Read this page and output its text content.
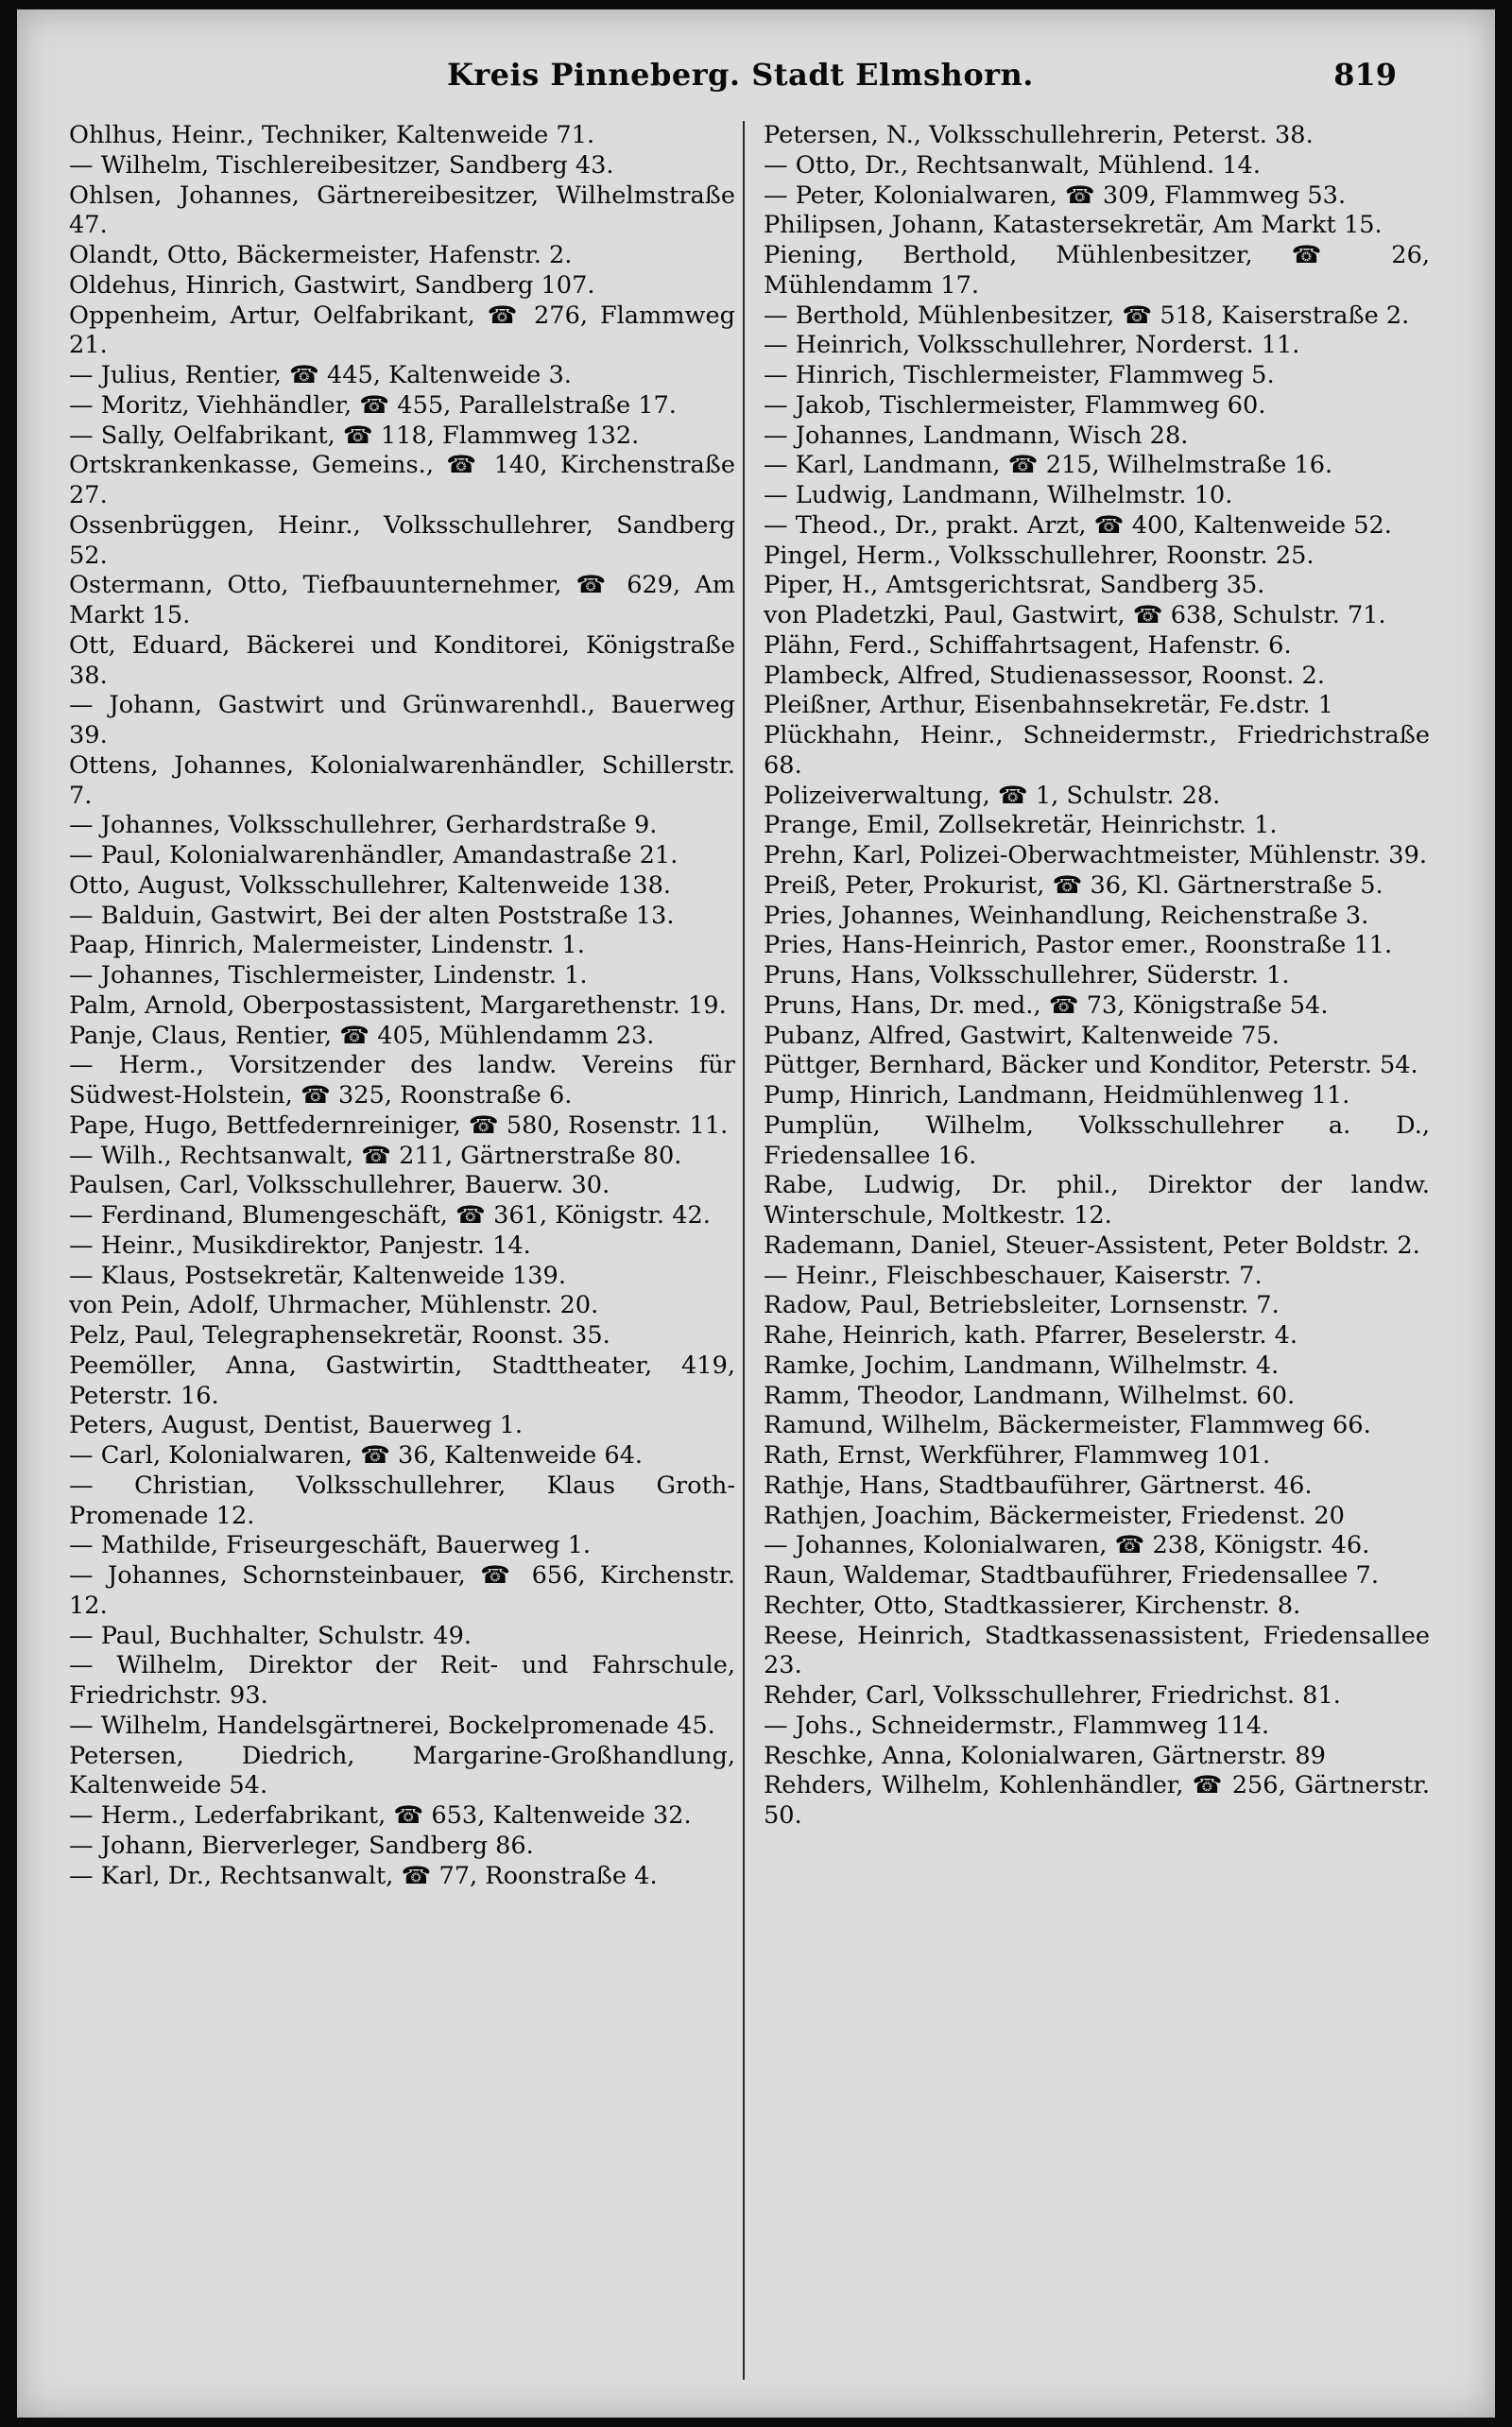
Kreis Pinneberg. Stadt Elmshorn.	819

Ohlhus, Heinr., Techniker, Kaltenweide 71.

— Wilhelm, Tischlereibesitzer, Sandberg 43.

Ohlsen, Johannes, Gärtnereibesitzer, Wilhelmstraße 47.

Olandt, Otto, Bäckermeister, Hafenstr. 2.

Oldehus, Hinrich, Gastwirt, Sandberg 107.

Oppenheim, Artur, Oelfabrikant, ☎ 276, Flammweg 21.

— Julius, Rentier, ☎ 445, Kaltenweide 3.

— Moritz, Viehhändler, ☎ 455, Parallelstraße 17.

— Sally, Oelfabrikant, ☎ 118, Flammweg 132.

Ortskrankenkasse, Gemeins., ☎ 140, Kirchenstraße 27.

Ossenbrüggen, Heinr., Volksschullehrer, Sandberg 52.

Ostermann, Otto, Tiefbauunternehmer, ☎ 629, Am Markt 15.

Ott, Eduard, Bäckerei und Konditorei, Königstraße 38.

— Johann, Gastwirt und Grünwarenhdl., Bauerweg 39.

Ottens, Johannes, Kolonialwarenhändler, Schillerstr. 7.

— Johannes, Volksschullehrer, Gerhardstraße 9.

— Paul, Kolonialwarenhändler, Amandastraße 21.

Otto, August, Volksschullehrer, Kaltenweide 138.

— Balduin, Gastwirt, Bei der alten Poststraße 13.

Paap, Hinrich, Malermeister, Lindenstr. 1.

— Johannes, Tischlermeister, Lindenstr. 1.

Palm, Arnold, Oberpostassistent, Margarethenstr. 19.

Panje, Claus, Rentier, ☎ 405, Mühlendamm 23.

— Herm., Vorsitzender des landw. Vereins für Südwest-Holstein, ☎ 325, Roonstraße 6.

Pape, Hugo, Bettfedernreiniger, ☎ 580, Rosenstr. 11.

— Wilh., Rechtsanwalt, ☎ 211, Gärtnerstraße 80.

Paulsen, Carl, Volksschullehrer, Bauerw. 30.

— Ferdinand, Blumengeschäft, ☎ 361, Königstr. 42.

— Heinr., Musikdirektor, Panjestr. 14.

— Klaus, Postsekretär, Kaltenweide 139.

von Pein, Adolf, Uhrmacher, Mühlenstr. 20.

Pelz, Paul, Telegraphensekretär, Roonst. 35.

Peemöller, Anna, Gastwirtin, Stadttheater, 419, Peterstr. 16.

Peters, August, Dentist, Bauerweg 1.

— Carl, Kolonialwaren, ☎ 36, Kaltenweide 64.

— Christian, Volksschullehrer, Klaus Groth-Promenade 12.

— Mathilde, Friseurgeschäft, Bauerweg 1.

— Johannes, Schornsteinbauer, ☎ 656, Kirchenstr. 12.

— Paul, Buchhalter, Schulstr. 49.

— Wilhelm, Direktor der Reit- und Fahrschule, Friedrichstr. 93.

— Wilhelm, Handelsgärtnerei, Bockelpromenade 45.

Petersen, Diedrich, Margarine-Großhandlung, Kaltenweide 54.

— Herm., Lederfabrikant, ☎ 653, Kaltenweide 32.

— Johann, Bierverleger, Sandberg 86.

— Karl, Dr., Rechtsanwalt, ☎ 77, Roonstraße 4.

Petersen, N., Volksschullehrerin, Peterst. 38.

— Otto, Dr., Rechtsanwalt, Mühlend. 14.

— Peter, Kolonialwaren, ☎ 309, Flammweg 53.

Philipsen, Johann, Katastersekretär, Am Markt 15.

Piening, Berthold, Mühlenbesitzer, ☎ 26, Mühlendamm 17.

— Berthold, Mühlenbesitzer, ☎ 518, Kaiserstraße 2.

— Heinrich, Volksschullehrer, Norderst. 11.

— Hinrich, Tischlermeister, Flammweg 5.

— Jakob, Tischlermeister, Flammweg 60.

— Johannes, Landmann, Wisch 28.

— Karl, Landmann, ☎ 215, Wilhelmstraße 16.

— Ludwig, Landmann, Wilhelmstr. 10.

— Theod., Dr., prakt. Arzt, ☎ 400, Kaltenweide 52.

Pingel, Herm., Volksschullehrer, Roonstr. 25.

Piper, H., Amtsgerichtsrat, Sandberg 35.

von Pladetzki, Paul, Gastwirt, ☎ 638, Schulstr. 71.

Plähn, Ferd., Schiffahrtsagent, Hafenstr. 6.

Plambeck, Alfred, Studienassessor, Roonst. 2.

Pleißner, Arthur, Eisenbahnsekretär, Fe.dstr. 1

Plückhahn, Heinr., Schneidermstr., Friedrichstraße 68.

Polizeiverwaltung, ☎ 1, Schulstr. 28.

Prange, Emil, Zollsekretär, Heinrichstr. 1.

Prehn, Karl, Polizei-Oberwachtmeister, Mühlenstr. 39.

Preiß, Peter, Prokurist, ☎ 36, Kl. Gärtnerstraße 5.

Pries, Johannes, Weinhandlung, Reichenstraße 3.

Pries, Hans-Heinrich, Pastor emer., Roonstraße 11.

Pruns, Hans, Volksschullehrer, Süderstr. 1.

Pruns, Hans, Dr. med., ☎ 73, Königstraße 54.

Pubanz, Alfred, Gastwirt, Kaltenweide 75.

Püttger, Bernhard, Bäcker und Konditor, Peterstr. 54.

Pump, Hinrich, Landmann, Heidmühlenweg 11.

Pumplün, Wilhelm, Volksschullehrer a. D., Friedensallee 16.

Rabe, Ludwig, Dr. phil., Direktor der landw. Winterschule, Moltkestr. 12.

Rademann, Daniel, Steuer-Assistent, Peter Boldstr. 2.

— Heinr., Fleischbeschauer, Kaiserstr. 7.

Radow, Paul, Betriebsleiter, Lornsenstr. 7.

Rahe, Heinrich, kath. Pfarrer, Beselerstr. 4.

Ramke, Jochim, Landmann, Wilhelmstr. 4.

Ramm, Theodor, Landmann, Wilhelmst. 60.

Ramund, Wilhelm, Bäckermeister, Flammweg 66.

Rath, Ernst, Werkführer, Flammweg 101.

Rathje, Hans, Stadtbauführer, Gärtnerst. 46.

Rathjen, Joachim, Bäckermeister, Friedenst. 20

— Johannes, Kolonialwaren, ☎ 238, Königstr. 46.

Raun, Waldemar, Stadtbauführer, Friedensallee 7.

Rechter, Otto, Stadtkassierer, Kirchenstr. 8.

Reese, Heinrich, Stadtkassenassistent, Friedensallee 23.

Rehder, Carl, Volksschullehrer, Friedrichst. 81.

— Johs., Schneidermstr., Flammweg 114.

Reschke, Anna, Kolonialwaren, Gärtnerstr. 89

Rehders, Wilhelm, Kohlenhändler, ☎ 256, Gärtnerstr. 50.
